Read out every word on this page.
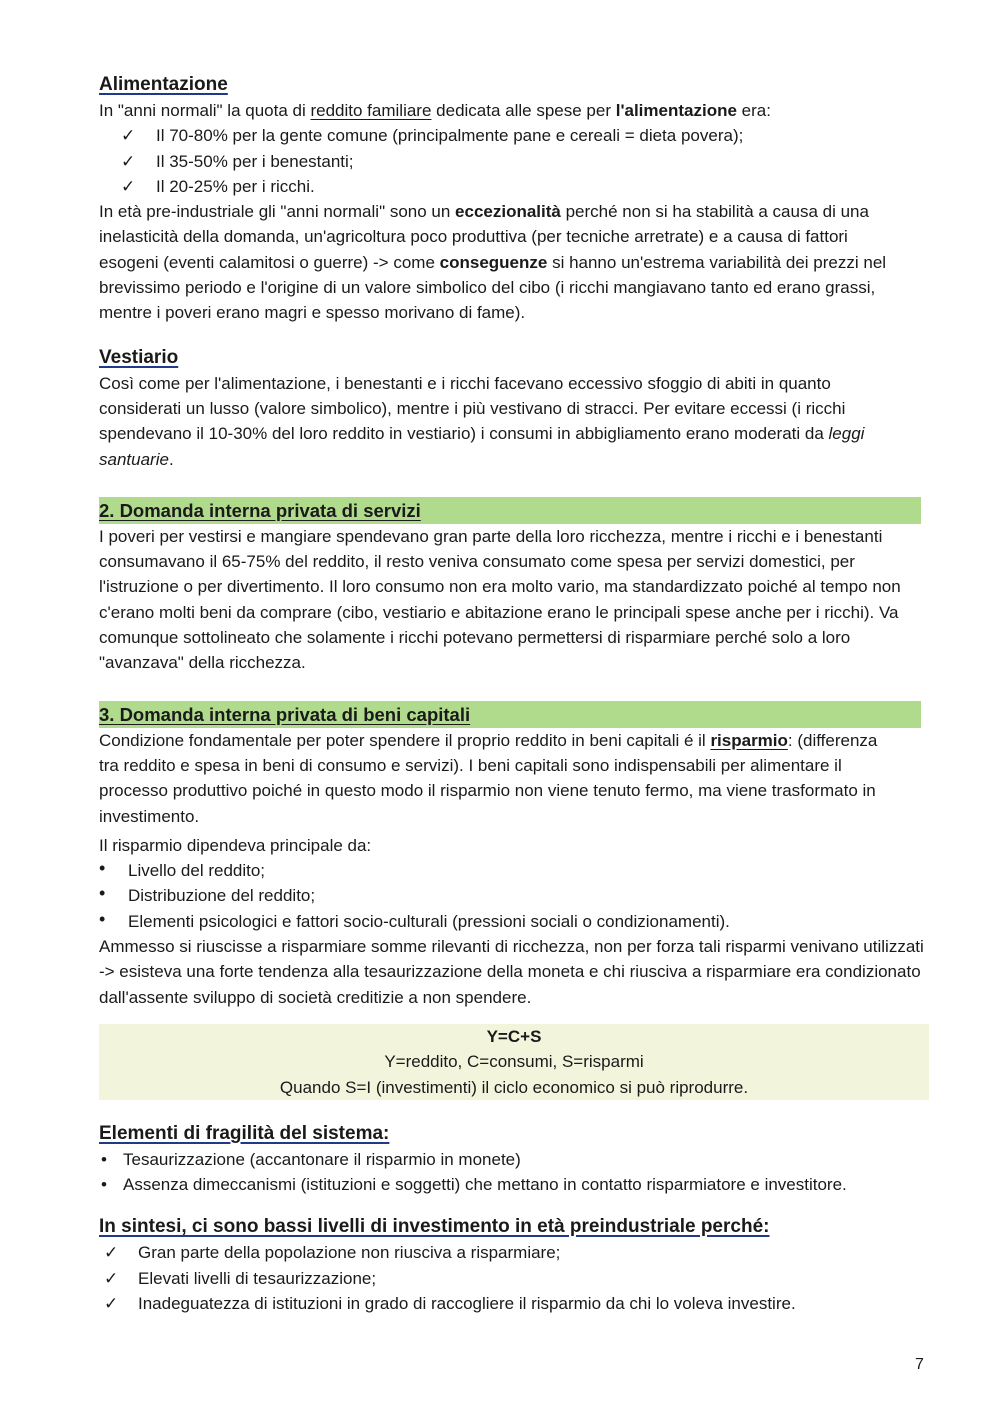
Alimentazione

In "anni normali" la quota di reddito familiare dedicata alle spese per l'alimentazione era:

✓ Il 70-80% per la gente comune (principalmente pane e cereali = dieta povera);
✓ Il 35-50% per i benestanti;
✓ Il 20-25% per i ricchi.

In età pre-industriale gli "anni normali" sono un eccezionalità perché non si ha stabilità a causa di una inelasticità della domanda, un'agricoltura poco produttiva (per tecniche arretrate) e a causa di fattori esogeni (eventi calamitosi o guerre) -> come conseguenze si hanno un'estrema variabilità dei prezzi nel brevissimo periodo e l'origine di un valore simbolico del cibo (i ricchi mangiavano tanto ed erano grassi, mentre i poveri erano magri e spesso morivano di fame).

Vestiario

Così come per l'alimentazione, i benestanti e i ricchi facevano eccessivo sfoggio di abiti in quanto considerati un lusso (valore simbolico), mentre i più vestivano di stracci. Per evitare eccessi (i ricchi spendevano il 10-30% del loro reddito in vestiario) i consumi in abbigliamento erano moderati da leggi santuarie.

2. Domanda interna privata di servizi

I poveri per vestirsi e mangiare spendevano gran parte della loro ricchezza, mentre i ricchi e i benestanti consumavano il 65-75% del reddito, il resto veniva consumato come spesa per servizi domestici, per l'istruzione o per divertimento. Il loro consumo non era molto vario, ma standardizzato poiché al tempo non c'erano molti beni da comprare (cibo, vestiario e abitazione erano le principali spese anche per i ricchi). Va comunque sottolineato che solamente i ricchi potevano permettersi di risparmiare perché solo a loro "avanzava" della ricchezza.

3. Domanda interna privata di beni capitali

Condizione fondamentale per poter spendere il proprio reddito in beni capitali é il risparmio: (differenza tra reddito e spesa in beni di consumo e servizi). I beni capitali sono indispensabili per alimentare il processo produttivo poiché in questo modo il risparmio non viene tenuto fermo, ma viene trasformato in investimento.

Il risparmio dipendeva principale da:

• Livello del reddito;
• Distribuzione del reddito;
• Elementi psicologici e fattori socio-culturali (pressioni sociali o condizionamenti).

Ammesso si riuscisse a risparmiare somme rilevanti di ricchezza, non per forza tali risparmi venivano utilizzati -> esisteva una forte tendenza alla tesaurizzazione della moneta e chi riusciva a risparmiare era condizionato dall'assente sviluppo di società creditizie a non spendere.

Y=C+S

Y=reddito, C=consumi, S=risparmi

Quando S=I (investimenti) il ciclo economico si può riprodurre.

Elementi di fragilità del sistema:

• Tesaurizzazione (accantonare il risparmio in monete)
• Assenza dimeccanismi (istituzioni e soggetti) che mettano in contatto risparmiatore e investitore.

In sintesi, ci sono bassi livelli di investimento in età preindustriale perché:

✓ Gran parte della popolazione non riusciva a risparmiare;
✓ Elevati livelli di tesaurizzazione;
✓ Inadeguatezza di istituzioni in grado di raccogliere il risparmio da chi lo voleva investire.
7
